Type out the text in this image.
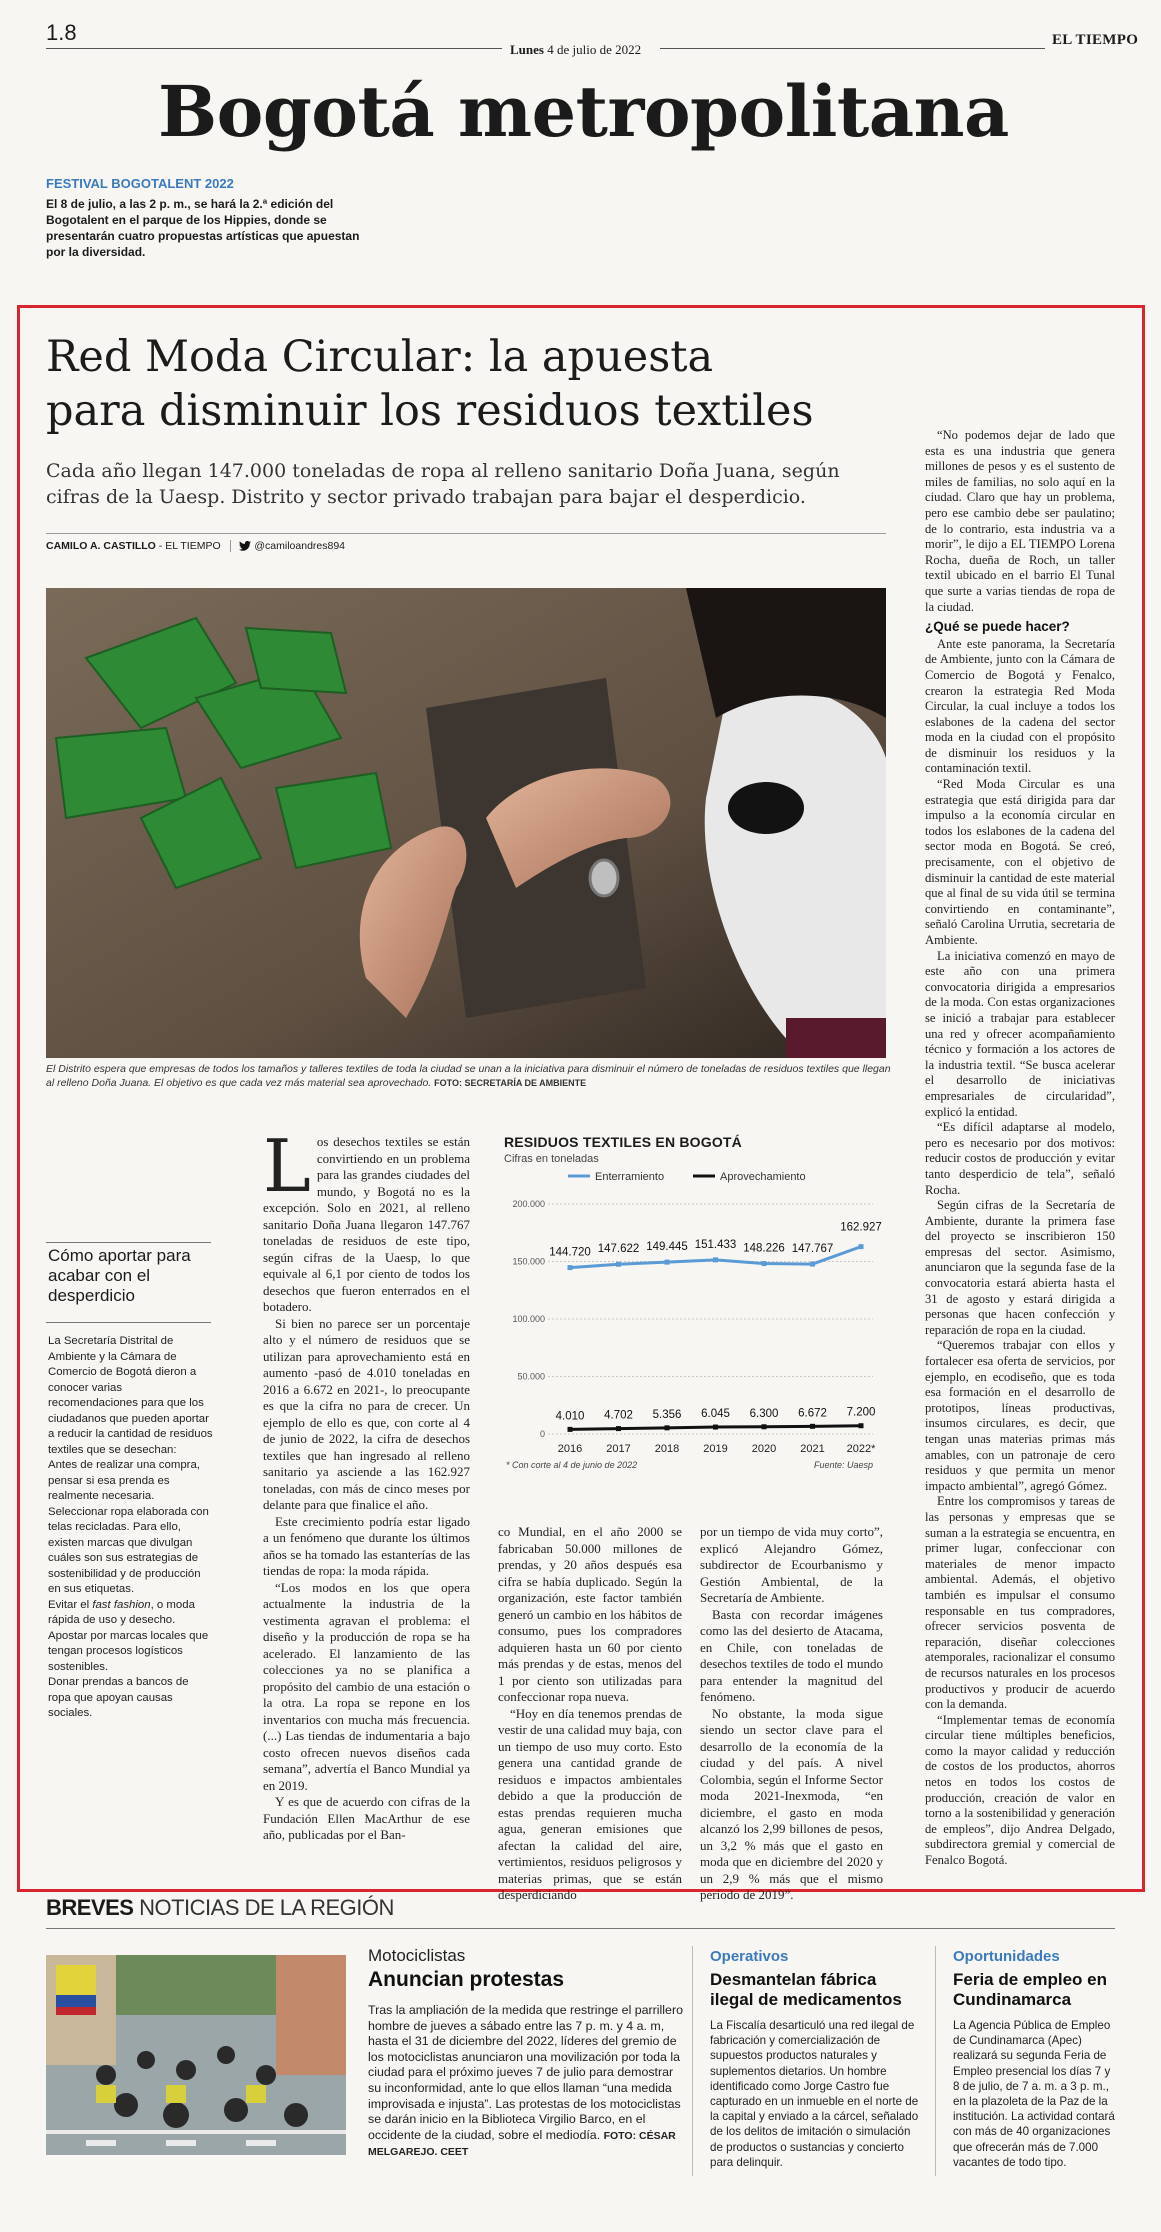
1.8
Lunes 4 de julio de 2022
EL TIEMPO
Bogotá metropolitana
FESTIVAL BOGOTALENT 2022
El 8 de julio, a las 2 p. m., se hará la 2.ª edición del Bogotalent en el parque de los Hippies, donde se presentarán cuatro propuestas artísticas que apuestan por la diversidad.
Red Moda Circular: la apuesta
para disminuir los residuos textiles
Cada año llegan 147.000 toneladas de ropa al relleno sanitario Doña Juana, según cifras de la Uaesp. Distrito y sector privado trabajan para bajar el desperdicio.
CAMILO A. CASTILLO - EL TIEMPO	@camiloandres894
El Distrito espera que empresas de todos los tamaños y talleres textiles de toda la ciudad se unan a la iniciativa para disminuir el número de toneladas de residuos textiles que llegan al relleno Doña Juana. El objetivo es que cada vez más material sea aprovechado. FOTO: SECRETARÍA DE AMBIENTE
Cómo aportar para acabar con el desperdicio

La Secretaría Distrital de Ambiente y la Cámara de Comercio de Bogotá dieron a conocer varias recomendaciones para que los ciudadanos que pueden aportar a reducir la cantidad de residuos textiles que se desechan:

Antes de realizar una compra, pensar si esa prenda es realmente necesaria.

Seleccionar ropa elaborada con telas recicladas. Para ello, existen marcas que divulgan cuáles son sus estrategias de sostenibilidad y de producción en sus etiquetas.

Evitar el fast fashion, o moda rápida de uso y desecho.

Apostar por marcas locales que tengan procesos logísticos sostenibles.

Donar prendas a bancos de ropa que apoyan causas sociales.

Los desechos textiles se están convirtiendo en un problema para las grandes ciudades del mundo, y Bogotá no es la excepción. Solo en 2021, al relleno sanitario Doña Juana llegaron 147.767 toneladas de residuos de este tipo, según cifras de la Uaesp, lo que equivale al 6,1 por ciento de todos los desechos que fueron enterrados en el botadero.

Si bien no parece ser un porcentaje alto y el número de residuos que se utilizan para aprovechamiento está en aumento -pasó de 4.010 toneladas en 2016 a 6.672 en 2021-, lo preocupante es que la cifra no para de crecer. Un ejemplo de ello es que, con corte al 4 de junio de 2022, la cifra de desechos textiles que han ingresado al relleno sanitario ya asciende a las 162.927 toneladas, con más de cinco meses por delante para que finalice el año.

Este crecimiento podría estar ligado a un fenómeno que durante los últimos años se ha tomado las estanterías de las tiendas de ropa: la moda rápida.

“Los modos en los que opera actualmente la industria de la vestimenta agravan el problema: el diseño y la producción de ropa se ha acelerado. El lanzamiento de las colecciones ya no se planifica a propósito del cambio de una estación o la otra. La ropa se repone en los inventarios con mucha más frecuencia. (...) Las tiendas de indumentaria a bajo costo ofrecen nuevos diseños cada semana”, advertía el Banco Mundial ya en 2019.

Y es que de acuerdo con cifras de la Fundación Ellen MacArthur de ese año, publicadas por el Ban-

RESIDUOS TEXTILES EN BOGOTÁ
Cifras en toneladas
Enterramiento	Aprovechamiento
200.000
150.000
100.000
50.000
0
2016 2017 2018 2019 2020 2021 2022*
144.720 147.622 149.445 151.433 148.226 147.767
162.927
4.010 4.702 5.356 6.045 6.300 6.672 7.200
* Con corte al 4 de junio de 2022	Fuente: Uaesp

co Mundial, en el año 2000 se fabricaban 50.000 millones de prendas, y 20 años después esa cifra se había duplicado. Según la organización, este factor también generó un cambio en los hábitos de consumo, pues los compradores adquieren hasta un 60 por ciento más prendas y de estas, menos del 1 por ciento son utilizadas para confeccionar ropa nueva.

“Hoy en día tenemos prendas de vestir de una calidad muy baja, con un tiempo de uso muy corto. Esto genera una cantidad grande de residuos e impactos ambientales debido a que la producción de estas prendas requieren mucha agua, generan emisiones que afectan la calidad del aire, vertimientos, residuos peligrosos y materias primas, que se están desperdiciando

por un tiempo de vida muy corto”, explicó Alejandro Gómez, subdirector de Ecourbanismo y Gestión Ambiental, de la Secretaría de Ambiente.

Basta con recordar imágenes como las del desierto de Atacama, en Chile, con toneladas de desechos textiles de todo el mundo para entender la magnitud del fenómeno.

No obstante, la moda sigue siendo un sector clave para el desarrollo de la economía de la ciudad y del país. A nivel Colombia, según el Informe Sector moda 2021-Inexmoda, “en diciembre, el gasto en moda alcanzó los 2,99 billones de pesos, un 3,2 % más que el gasto en moda que en diciembre del 2020 y un 2,9 % más que el mismo periodo de 2019”.

“No podemos dejar de lado que esta es una industria que genera millones de pesos y es el sustento de miles de familias, no solo aquí en la ciudad. Claro que hay un problema, pero ese cambio debe ser paulatino; de lo contrario, esta industria va a morir”, le dijo a EL TIEMPO Lorena Rocha, dueña de Roch, un taller textil ubicado en el barrio El Tunal que surte a varias tiendas de ropa de la ciudad.

¿Qué se puede hacer?

Ante este panorama, la Secretaría de Ambiente, junto con la Cámara de Comercio de Bogotá y Fenalco, crearon la estrategia Red Moda Circular, la cual incluye a todos los eslabones de la cadena del sector moda en la ciudad con el propósito de disminuir los residuos y la contaminación textil.

“Red Moda Circular es una estrategia que está dirigida para dar impulso a la economía circular en todos los eslabones de la cadena del sector moda en Bogotá. Se creó, precisamente, con el objetivo de disminuir la cantidad de este material que al final de su vida útil se termina convirtiendo en contaminante”, señaló Carolina Urrutia, secretaria de Ambiente.

La iniciativa comenzó en mayo de este año con una primera convocatoria dirigida a empresarios de la moda. Con estas organizaciones se inició a trabajar para establecer una red y ofrecer acompañamiento técnico y formación a los actores de la industria textil. “Se busca acelerar el desarrollo de iniciativas empresariales de circularidad”, explicó la entidad.

“Es difícil adaptarse al modelo, pero es necesario por dos motivos: reducir costos de producción y evitar tanto desperdicio de tela”, señaló Rocha.

Según cifras de la Secretaría de Ambiente, durante la primera fase del proyecto se inscribieron 150 empresas del sector. Asimismo, anunciaron que la segunda fase de la convocatoria estará abierta hasta el 31 de agosto y estará dirigida a personas que hacen confección y reparación de ropa en la ciudad.

“Queremos trabajar con ellos y fortalecer esa oferta de servicios, por ejemplo, en ecodiseño, que es toda esa formación en el desarrollo de prototipos, líneas productivas, insumos circulares, es decir, que tengan unas materias primas más amables, con un patronaje de cero residuos y que permita un menor impacto ambiental”, agregó Gómez.

Entre los compromisos y tareas de las personas y empresas que se suman a la estrategia se encuentra, en primer lugar, confeccionar con materiales de menor impacto ambiental. Además, el objetivo también es impulsar el consumo responsable en tus compradores, ofrecer servicios posventa de reparación, diseñar colecciones atemporales, racionalizar el consumo de recursos naturales en los procesos productivos y producir de acuerdo con la demanda.

“Implementar temas de economía circular tiene múltiples beneficios, como la mayor calidad y reducción de costos de los productos, ahorros netos en todos los costos de producción, creación de valor en torno a la sostenibilidad y generación de empleos”, dijo Andrea Delgado, subdirectora gremial y comercial de Fenalco Bogotá.

BREVES NOTICIAS DE LA REGIÓN
Motociclistas
Anuncian protestas

Tras la ampliación de la medida que restringe el parrillero hombre de jueves a sábado entre las 7 p. m. y 4 a. m, hasta el 31 de diciembre del 2022, líderes del gremio de los motociclistas anunciaron una movilización por toda la ciudad para el próximo jueves 7 de julio para demostrar su inconformidad, ante lo que ellos llaman “una medida improvisada e injusta”. Las protestas de los motociclistas se darán inicio en la Biblioteca Virgilio Barco, en el occidente de la ciudad, sobre el mediodía. FOTO: CÉSAR MELGAREJO. CEET

Operativos
Desmantelan fábrica ilegal de medicamentos
La Fiscalía desarticuló una red ilegal de fabricación y comercialización de supuestos productos naturales y suplementos dietarios. Un hombre identificado como Jorge Castro fue capturado en un inmueble en el norte de la capital y enviado a la cárcel, señalado de los delitos de imitación o simulación de productos o sustancias y concierto para delinquir.
Oportunidades
Feria de empleo en Cundinamarca
La Agencia Pública de Empleo de Cundinamarca (Apec) realizará su segunda Feria de Empleo presencial los días 7 y 8 de julio, de 7 a. m. a 3 p. m., en la plazoleta de la Paz de la institución. La actividad contará con más de 40 organizaciones que ofrecerán más de 7.000 vacantes de todo tipo.
